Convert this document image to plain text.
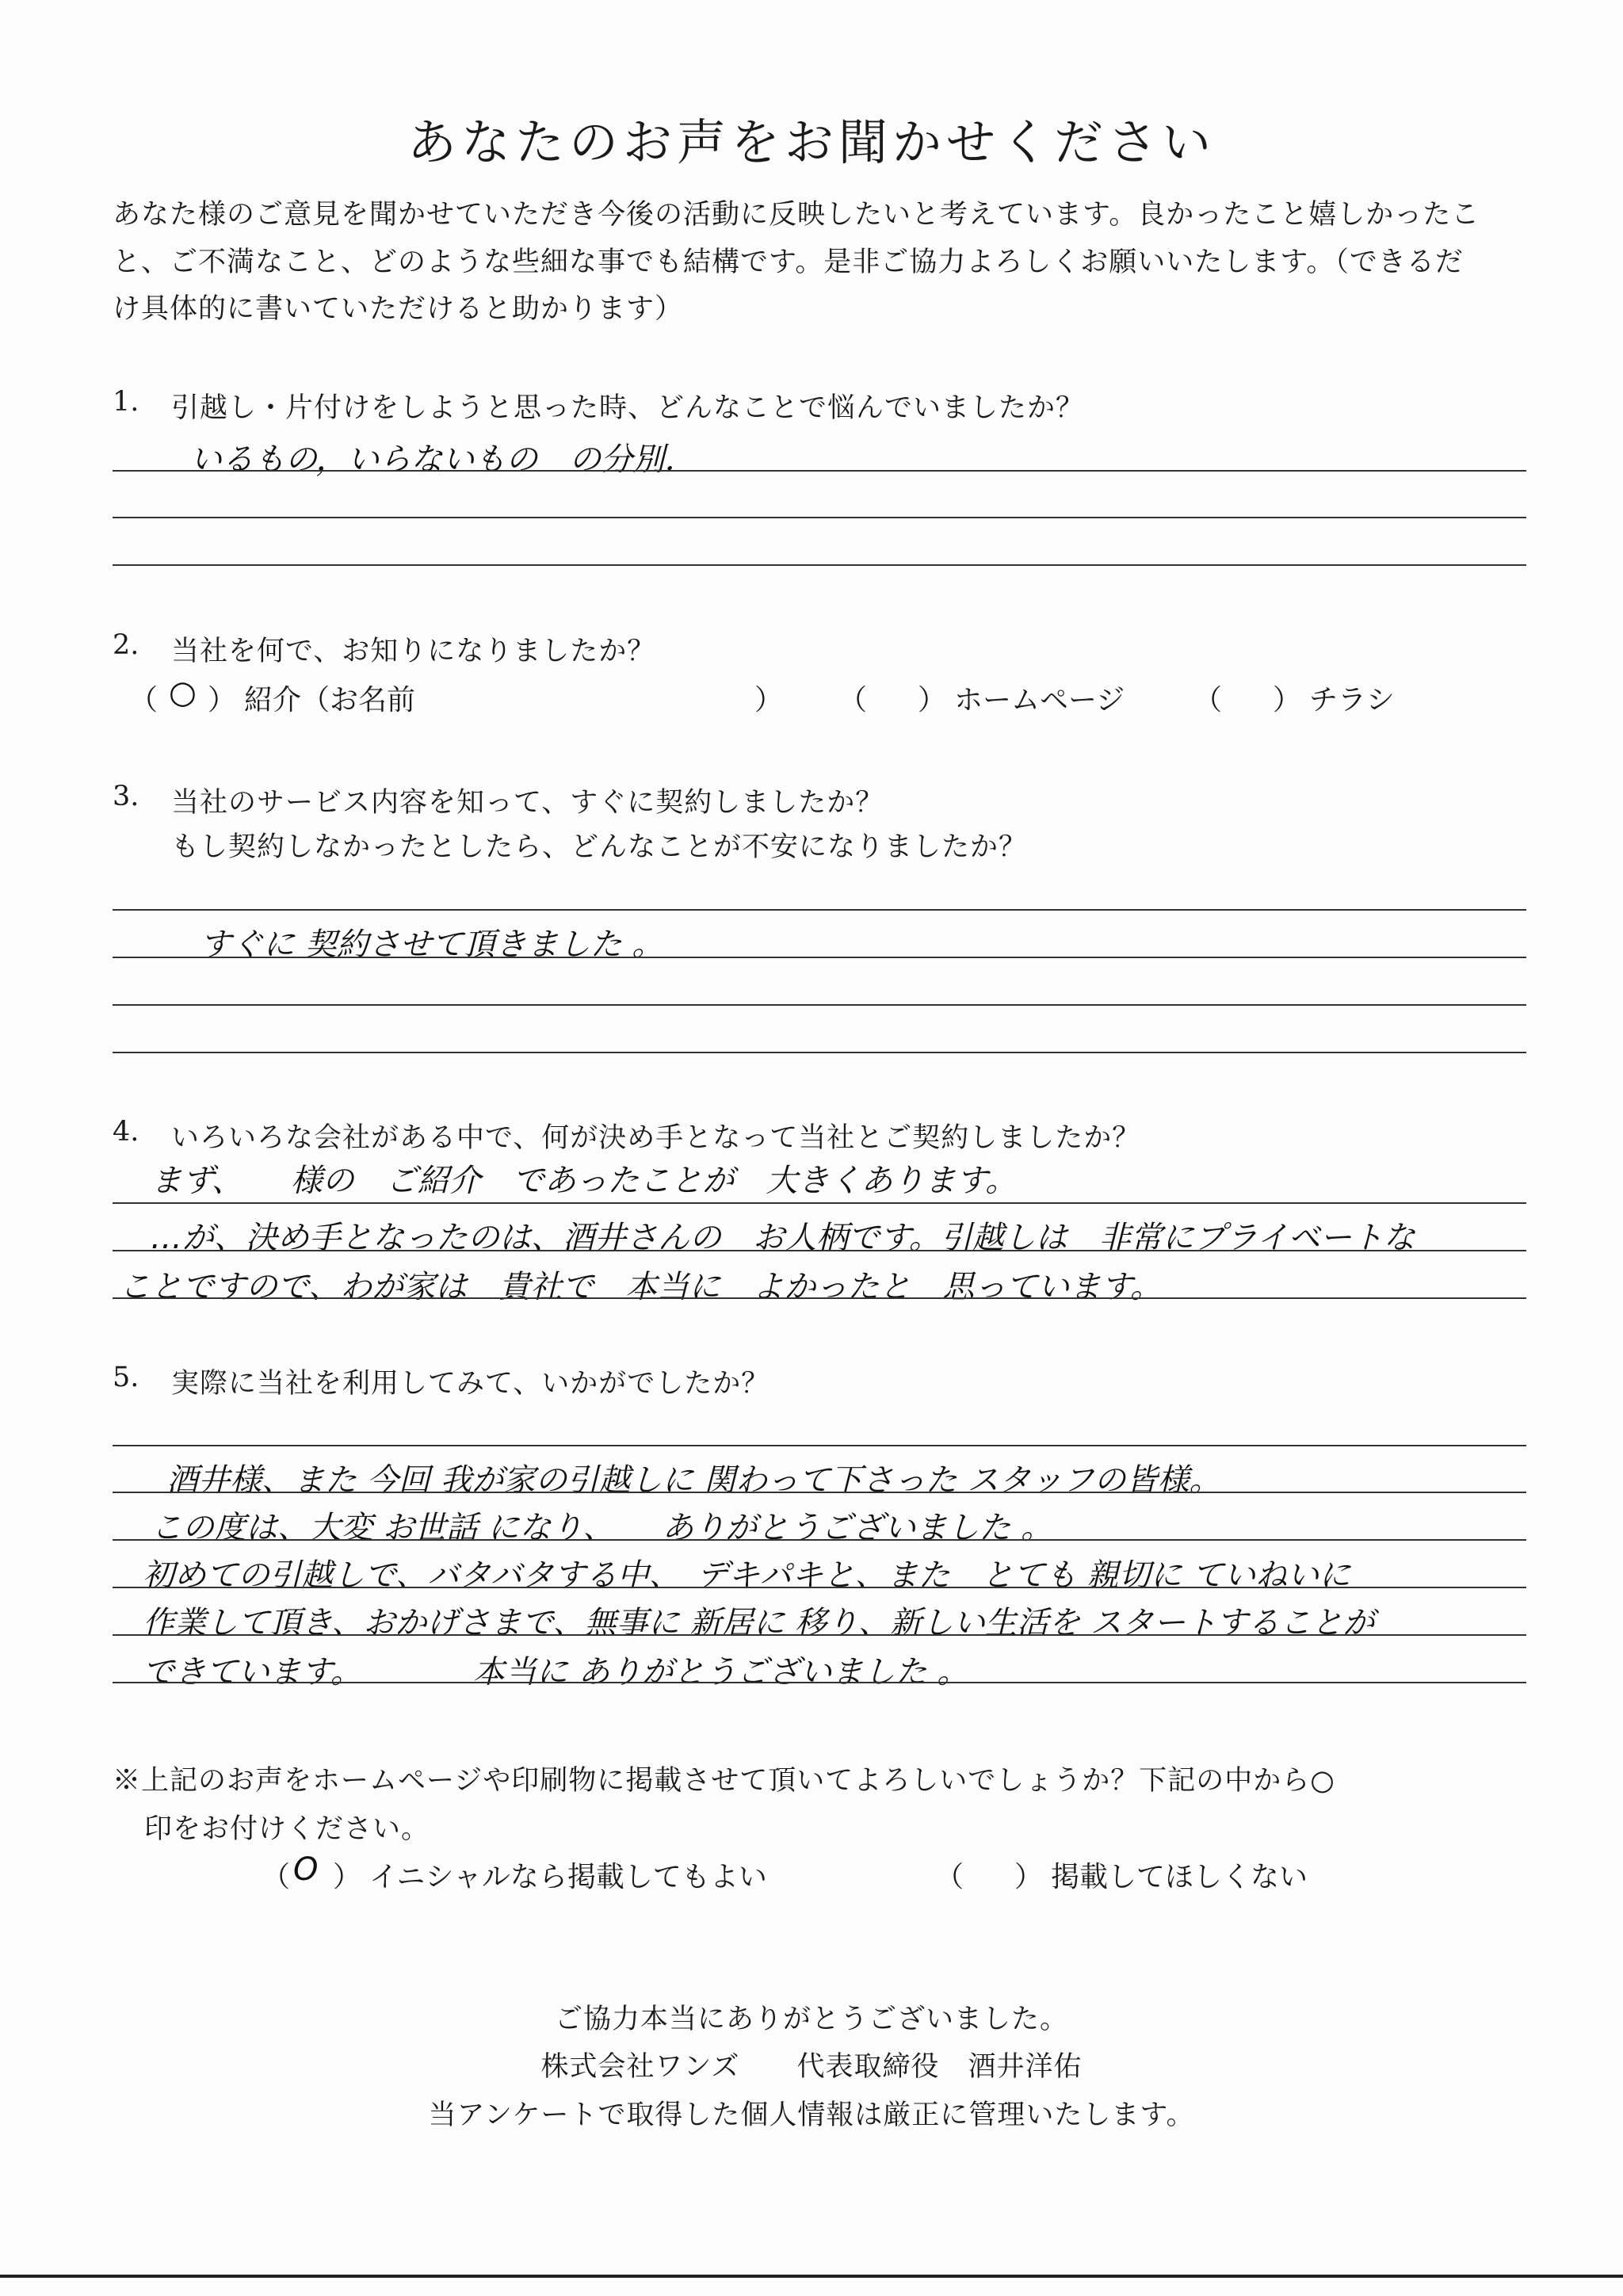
あなたのお声をお聞かせください
あなた様のご意見を聞かせていただき今後の活動に反映したいと考えています。良かったこと嬉しかったこ
と、ご不満なこと、どのような些細な事でも結構です。是非ご協力よろしくお願いいたします。（できるだ
け具体的に書いていただけると助かります）
1. 引越し・片付けをしようと思った時、どんなことで悩んでいましたか？
いるもの，いらないもの　の分別．
2. 当社を何で、お知りになりましたか？
（ ○ ） 紹介（お名前	） （ ） ホームページ （ ） チラシ
3. 当社のサービス内容を知って、すぐに契約しましたか？
もし契約しなかったとしたら、どんなことが不安になりましたか？
すぐに 契約させて頂きました 。
4. いろいろな会社がある中で、何が決め手となって当社とご契約しましたか？
まず、　　様の　ご紹介　であったことが　大きくあります。
…が、決め手となったのは、酒井さんの　お人柄です。引越しは　非常にプライベートな
ことですので、わが家は　貴社で　本当に　よかったと　思っています。
5. 実際に当社を利用してみて、いかがでしたか？
酒井様、また 今回 我が家の引越しに 関わって下さった スタッフの皆様。
この度は、大変 お世話 になり、　　ありがとうございました 。
初めての引越しで、バタバタする中、　デキパキと、また　とても 親切に ていねいに
作業して頂き、おかげさまで、無事に 新居に 移り、新しい生活を スタートすることが
できています。　　　　本当に ありがとうございました 。
※上記のお声をホームページや印刷物に掲載させて頂いてよろしいでしょうか？下記の中から○
印をお付けください。
（ O ） イニシャルなら掲載してもよい	（ ） 掲載してほしくない
ご協力本当にありがとうございました。
株式会社ワンズ　　代表取締役　酒井洋佑
当アンケートで取得した個人情報は厳正に管理いたします。
